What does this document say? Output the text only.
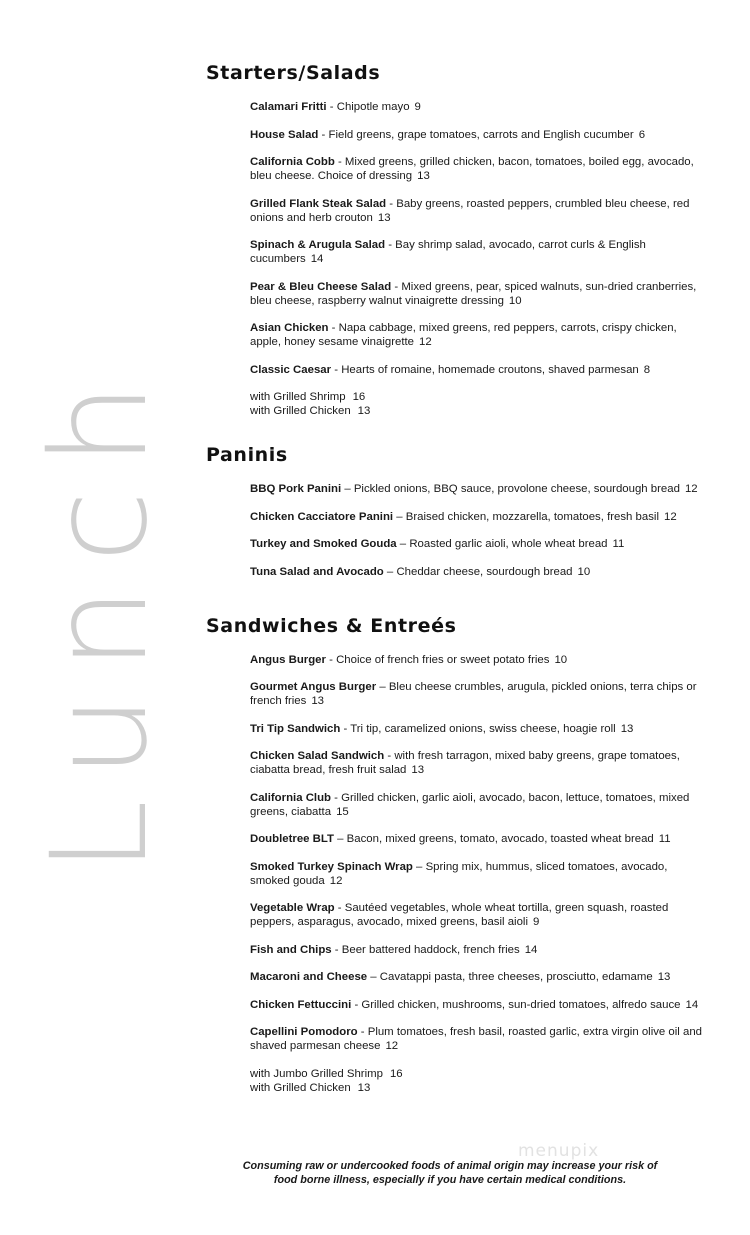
Lunch
Starters/Salads
Calamari Fritti - Chipotle mayo 9
House Salad - Field greens, grape tomatoes, carrots and English cucumber 6
California Cobb - Mixed greens, grilled chicken, bacon, tomatoes, boiled egg, avocado, bleu cheese. Choice of dressing 13
Grilled Flank Steak Salad - Baby greens, roasted peppers, crumbled bleu cheese, red onions and herb crouton 13
Spinach & Arugula Salad - Bay shrimp salad, avocado, carrot curls & English cucumbers 14
Pear & Bleu Cheese Salad - Mixed greens, pear, spiced walnuts, sun-dried cranberries, bleu cheese, raspberry walnut vinaigrette dressing 10
Asian Chicken - Napa cabbage, mixed greens, red peppers, carrots, crispy chicken, apple, honey sesame vinaigrette 12
Classic Caesar - Hearts of romaine, homemade croutons, shaved parmesan 8
with Grilled Shrimp 16
with Grilled Chicken 13
Paninis
BBQ Pork Panini – Pickled onions, BBQ sauce, provolone cheese, sourdough bread 12
Chicken Cacciatore Panini – Braised chicken, mozzarella, tomatoes, fresh basil 12
Turkey and Smoked Gouda – Roasted garlic aioli, whole wheat bread 11
Tuna Salad and Avocado – Cheddar cheese, sourdough bread 10
Sandwiches & Entreés
Angus Burger - Choice of french fries or sweet potato fries 10
Gourmet Angus Burger – Bleu cheese crumbles, arugula, pickled onions, terra chips or french fries 13
Tri Tip Sandwich - Tri tip, caramelized onions, swiss cheese, hoagie roll 13
Chicken Salad Sandwich - with fresh tarragon, mixed baby greens, grape tomatoes, ciabatta bread, fresh fruit salad 13
California Club - Grilled chicken, garlic aioli, avocado, bacon, lettuce, tomatoes, mixed greens, ciabatta 15
Doubletree BLT – Bacon, mixed greens, tomato, avocado, toasted wheat bread 11
Smoked Turkey Spinach Wrap – Spring mix, hummus, sliced tomatoes, avocado, smoked gouda 12
Vegetable Wrap - Sautéed vegetables, whole wheat tortilla, green squash, roasted peppers, asparagus, avocado, mixed greens, basil aioli 9
Fish and Chips - Beer battered haddock, french fries 14
Macaroni and Cheese – Cavatappi pasta, three cheeses, prosciutto, edamame 13
Chicken Fettuccini - Grilled chicken, mushrooms, sun-dried tomatoes, alfredo sauce 14
Capellini Pomodoro - Plum tomatoes, fresh basil, roasted garlic, extra virgin olive oil and shaved parmesan cheese 12
with Jumbo Grilled Shrimp 16
with Grilled Chicken 13
menupix
Consuming raw or undercooked foods of animal origin may increase your risk of food borne illness, especially if you have certain medical conditions.
